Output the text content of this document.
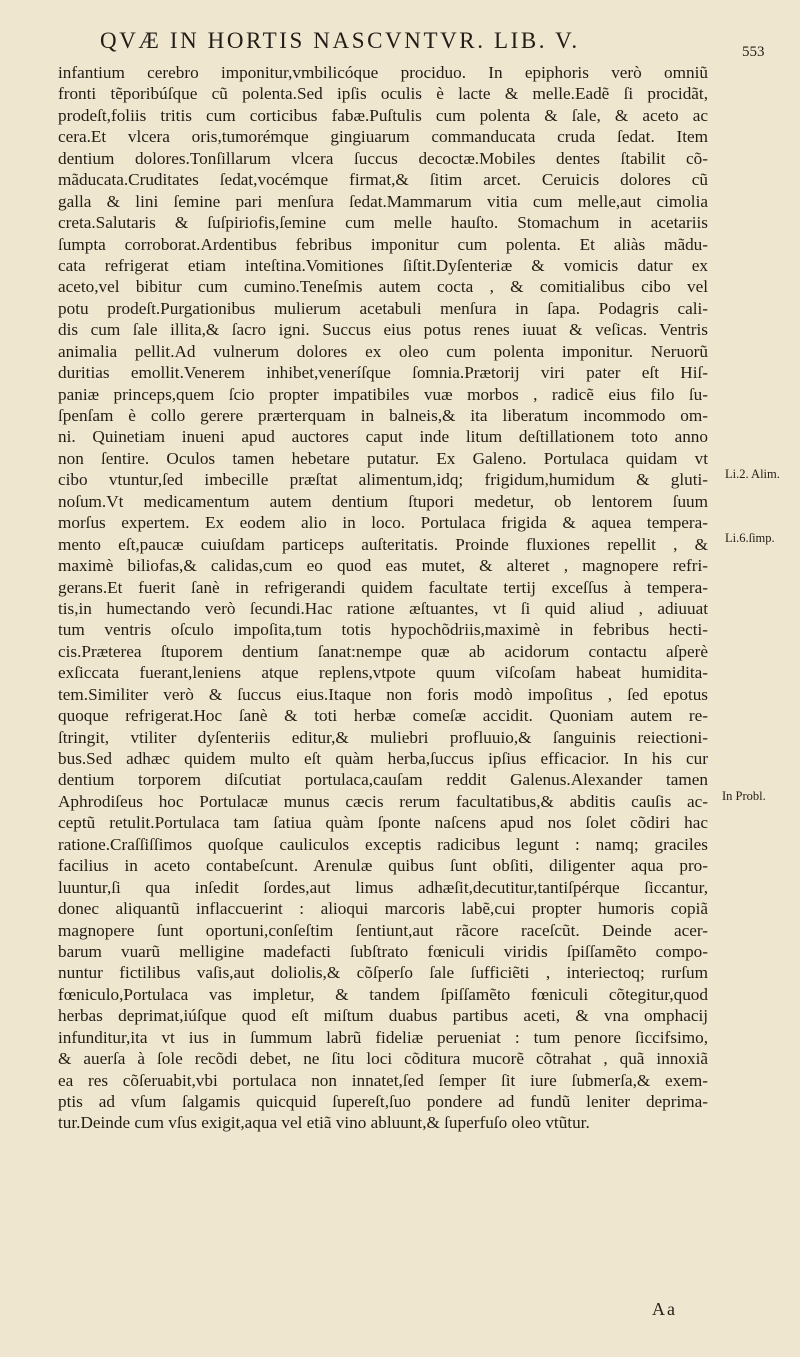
QVÆ IN HORTIS NASCVNTVR. LIB. V.	553
infantium cerebro imponitur,vmbilicóque prociduo. In epiphoris verò omniũ
fronti tẽporibúſque cũ polenta.Sed ipſis oculis è lacte & melle.Eadẽ ſi procidãt,
prodeſt,foliis tritis cum corticibus fabæ.Puſtulis cum polenta & ſale, & aceto ac
cera.Et vlcera oris,tumorémque gingiuarum commanducata cruda ſedat. Item
dentium dolores.Tonſillarum vlcera ſuccus decoctæ.Mobiles dentes ſtabilit cõ-
mãducata.Cruditates ſedat,vocémque firmat,& ſitim arcet. Ceruicis dolores cũ
galla & lini ſemine pari menſura ſedat.Mammarum vitia cum melle,aut cimolia
creta.Salutaris & ſuſpiriofis,ſemine cum melle hauſto. Stomachum in acetariis
ſumpta corroborat.Ardentibus febribus imponitur cum polenta. Et aliàs mãdu-
cata refrigerat etiam inteſtina.Vomitiones ſiſtit.Dyſenteriæ & vomicis datur ex
aceto,vel bibitur cum cumino.Teneſmis autem cocta , & comitialibus cibo vel
potu prodeſt.Purgationibus mulierum acetabuli menſura in ſapa. Podagris cali-
dis cum ſale illita,& ſacro igni. Succus eius potus renes iuuat & veſicas. Ventris
animalia pellit.Ad vulnerum dolores ex oleo cum polenta imponitur. Neruorũ
duritias emollit.Venerem inhibet,veneríſque ſomnia.Prætorij viri pater eſt Hiſ-
paniæ princeps,quem ſcio propter impatibiles vuæ morbos , radicẽ eius filo ſu-
ſpenſam è collo gerere prærterquam in balneis,& ita liberatum incommodo om-
ni. Quinetiam inueni apud auctores caput inde litum deſtillationem toto anno
non ſentire. Oculos tamen hebetare putatur. Ex Galeno. Portulaca quidam vt
cibo vtuntur,ſed imbecille præſtat alimentum,idq; frigidum,humidum & gluti-
noſum.Vt medicamentum autem dentium ſtupori medetur, ob lentorem ſuum
morſus expertem. Ex eodem alio in loco. Portulaca frigida & aquea tempera-
mento eſt,paucæ cuiuſdam particeps auſteritatis. Proinde fluxiones repellit , &
maximè biliofas,& calidas,cum eo quod eas mutet, & alteret , magnopere refri-
gerans.Et fuerit ſanè in refrigerandi quidem facultate tertij exceſſus à tempera-
tis,in humectando verò ſecundi.Hac ratione æſtuantes, vt ſi quid aliud , adiuuat
tum ventris oſculo impoſita,tum totis hypochõdriis,maximè in febribus hecti-
cis.Præterea ſtuporem dentium ſanat:nempe quæ ab acidorum contactu aſperè
exſiccata fuerant,leniens atque replens,vtpote quum viſcoſam habeat humidita-
tem.Similiter verò & ſuccus eius.Itaque non foris modò impoſitus , ſed epotus
quoque refrigerat.Hoc ſanè & toti herbæ comeſæ accidit. Quoniam autem re-
ſtringit, vtiliter dyſenteriis editur,& muliebri profluuio,& ſanguinis reiectioni-
bus.Sed adhæc quidem multo eſt quàm herba,ſuccus ipſius efficacior. In his cur
dentium torporem diſcutiat portulaca,cauſam reddit Galenus.Alexander tamen
Aphrodiſeus hoc Portulacæ munus cæcis rerum facultatibus,& abditis cauſis ac-
ceptũ retulit.Portulaca tam ſatiua quàm ſponte naſcens apud nos ſolet cõdiri hac
ratione.Craſſiſſimos quoſque cauliculos exceptis radicibus legunt : namq; graciles
facilius in aceto contabeſcunt. Arenulæ quibus ſunt obſiti, diligenter aqua pro-
luuntur,ſi qua inſedit ſordes,aut limus adhæſit,decutitur,tantiſpérque ſiccantur,
donec aliquantũ inflaccuerint : alioqui marcoris labẽ,cui propter humoris copiã
magnopere ſunt oportuni,conſeſtim ſentiunt,aut rãcore raceſcũt. Deinde acer-
barum vuarũ melligine madefacti ſubſtrato fœniculi viridis ſpiſſamẽto compo-
nuntur fictilibus vaſis,aut doliolis,& cõſperſo ſale ſufficiẽti , interiectoq; rurſum
fœniculo,Portulaca vas impletur, & tandem ſpiſſamẽto fœniculi cõtegitur,quod
herbas deprimat,iúſque quod eſt miſtum duabus partibus aceti, & vna omphacij
infunditur,ita vt ius in ſummum labrũ fideliæ perueniat : tum penore ſiccifsimo,
& auerſa à ſole recõdi debet, ne ſitu loci cõditura mucorẽ cõtrahat , quã innoxiã
ea res cõſeruabit,vbi portulaca non innatet,ſed ſemper ſit iure ſubmerſa,& exem-
ptis ad vſum ſalgamis quicquid ſupereſt,ſuo pondere ad fundũ leniter deprima-
tur.Deinde cum vſus exigit,aqua vel etiã vino abluunt,& ſuperfuſo oleo vtũtur.
Li.2. Alim.
Li.6.ſimp.
In Probl.
Aa
